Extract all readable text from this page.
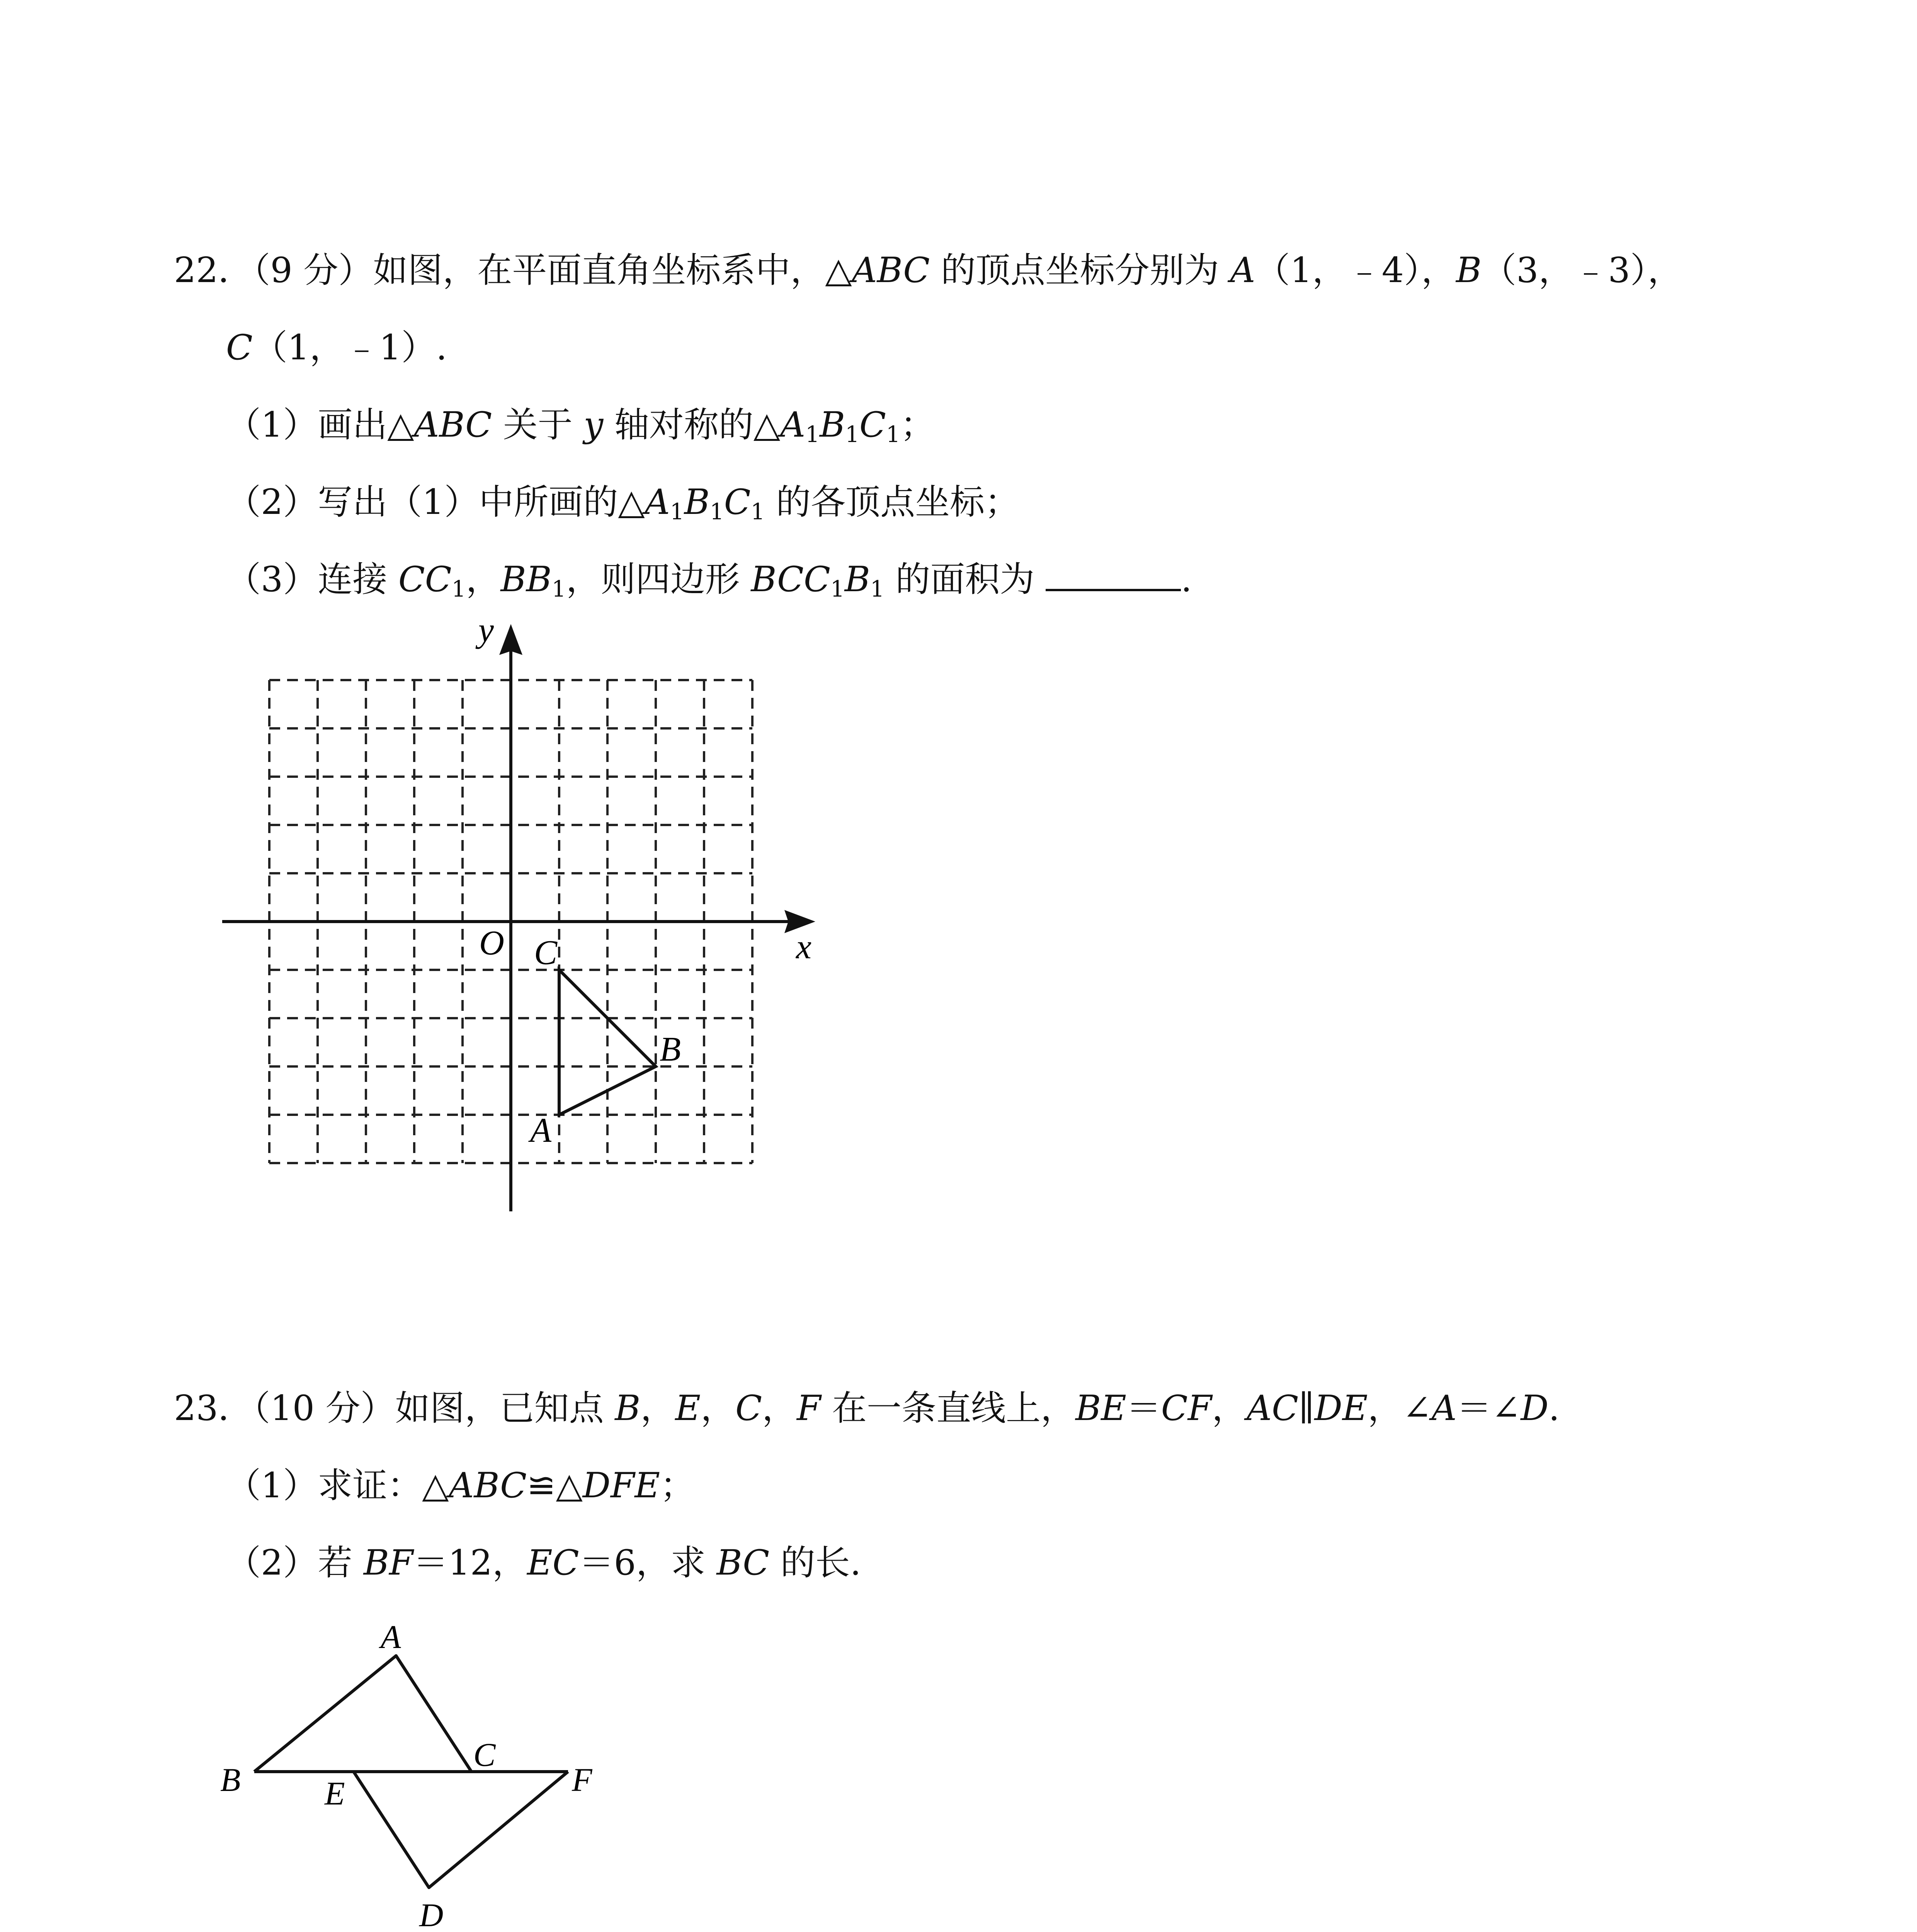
22．（9 分）如图，在平面直角坐标系中，△ABC 的顶点坐标分别为 A（1，﹣4），B（3，﹣3），
C（1，﹣1）.
（1）画出△ABC 关于 y 轴对称的$\triangle A_1B_1C_1$；
（2）写出（1）中所画的$\triangle A_1B_1C_1$ 的各顶点坐标；
（3）连接 $CC_1$，$BB_1$，则四边形 $BCC_1B_1$ 的面积为	.
y
x
O C
B
A
23．（10 分）如图，已知点 B，E，C，F 在一条直线上，BE＝CF，AC∥DE，∠A＝∠D.
（1）求证：△ABC≌△DFE；
（2）若 BF＝12，EC＝6，求 BC 的长.
A
B
C
E	F
D
